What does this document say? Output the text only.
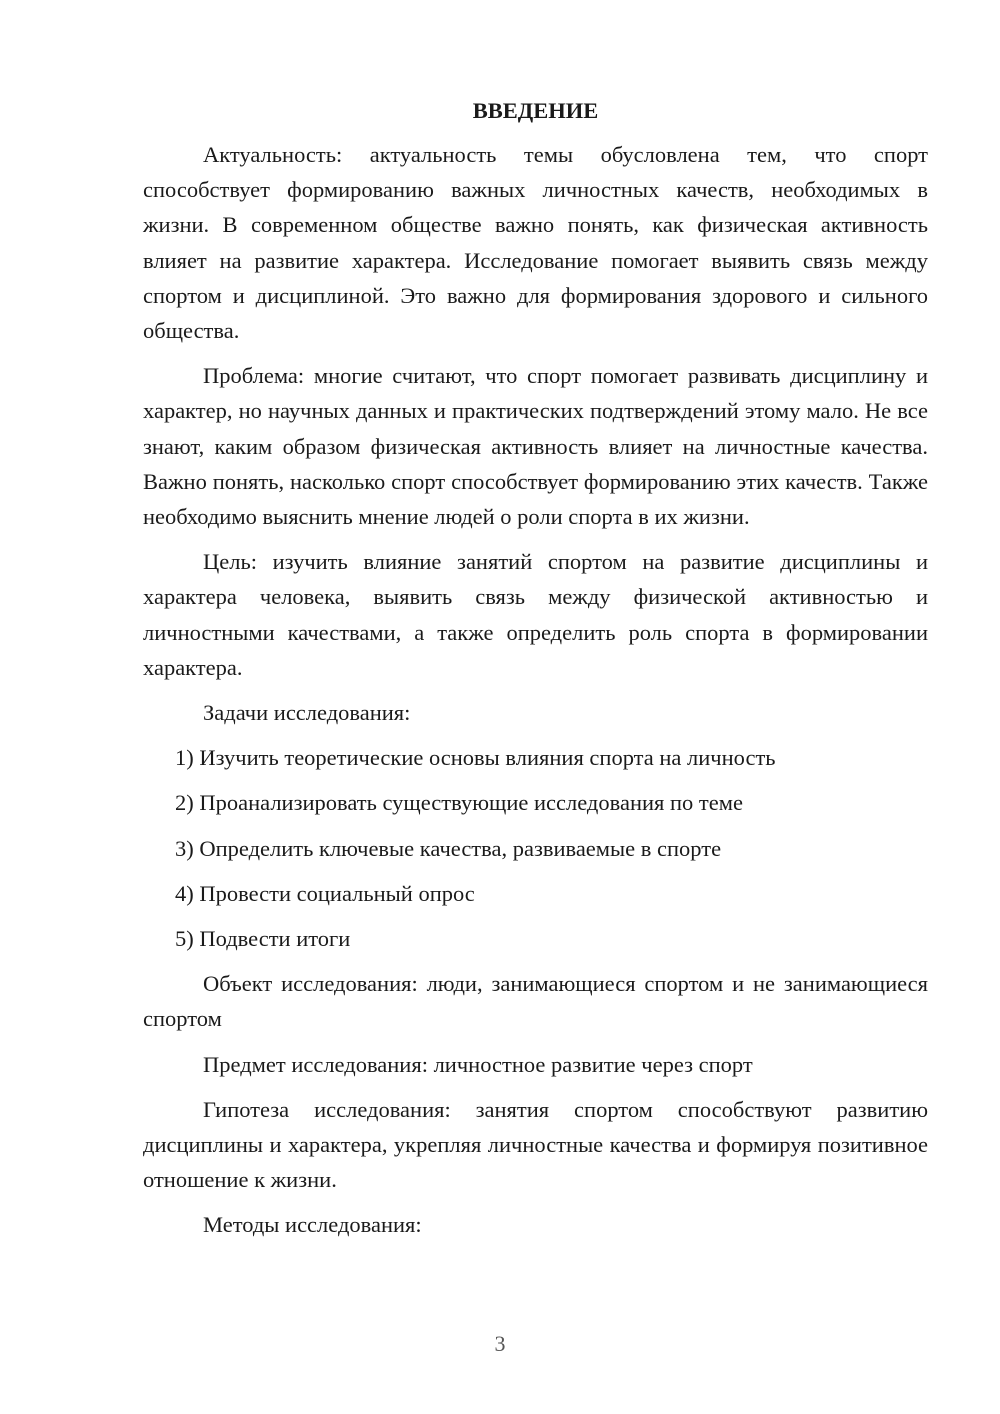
ВВЕДЕНИЕ

Актуальность: актуальность темы обусловлена тем, что спорт способствует формированию важных личностных качеств, необходимых в жизни. В современном обществе важно понять, как физическая активность влияет на развитие характера. Исследование помогает выявить связь между спортом и дисциплиной. Это важно для формирования здорового и сильного общества.

Проблема: многие считают, что спорт помогает развивать дисциплину и характер, но научных данных и практических подтверждений этому мало. Не все знают, каким образом физическая активность влияет на личностные качества. Важно понять, насколько спорт способствует формированию этих качеств. Также необходимо выяснить мнение людей о роли спорта в их жизни.

Цель: изучить влияние занятий спортом на развитие дисциплины и характера человека, выявить связь между физической активностью и личностными качествами, а также определить роль спорта в формировании характера.

Задачи исследования:

1) Изучить теоретические основы влияния спорта на личность
2) Проанализировать существующие исследования по теме
3) Определить ключевые качества, развиваемые в спорте
4) Провести социальный опрос
5) Подвести итоги

Объект исследования: люди, занимающиеся спортом и не занимающиеся спортом

Предмет исследования: личностное развитие через спорт

Гипотеза исследования: занятия спортом способствуют развитию дисциплины и характера, укрепляя личностные качества и формируя позитивное отношение к жизни.

Методы исследования:

3
